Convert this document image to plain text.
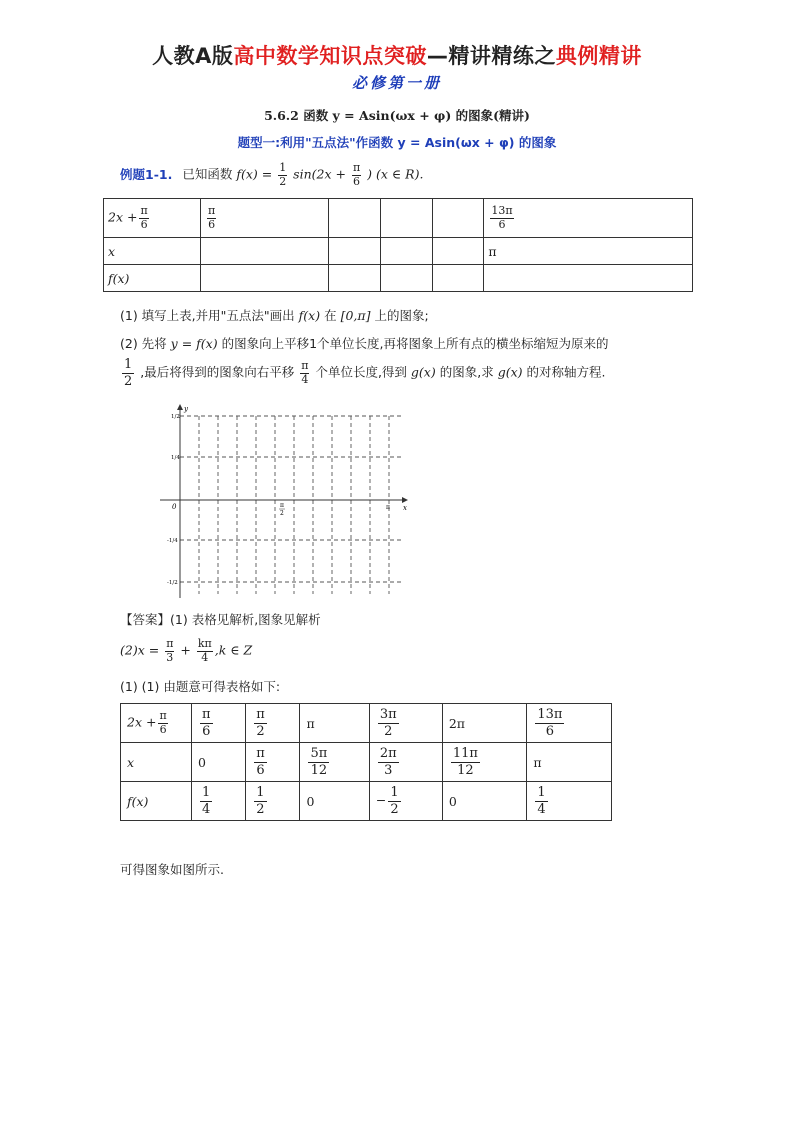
人教A版高中数学知识点突破—精讲精练之典例精讲
必修第一册
5.6.2 函数 y = Asin(ωx + φ) 的图象(精讲)
题型一:利用"五点法"作函数 y = Asin(ωx + φ) 的图象
例题1-1. 已知函数 $f(x) = \frac{1}{2} \sin(2x + \frac{\pi}{6}$ ) (x ∈ R).
$2x + \frac{\pi}{6}$	$\frac{\pi}{6}$				$\frac{13\pi}{6}$

x					π
f(x)					
(1) 填写上表,并用"五点法"画出 f(x) 在 [0,π] 上的图象;
(2) 先将 y = f(x) 的图象向上平移1个单位长度,再将图象上所有点的横坐标缩短为原来的
$\frac{1}{2}$ ,最后将得到的图象向右平移 $\frac{\pi}{4}$ 个单位长度,得到 g(x) 的图象,求 g(x) 的对称轴方程.
y
x
0	π
2
π
1/2
1/4
-1/4
-1/2
【答案】(1) 表格见解析,图象见解析
$(2)x = \frac{\pi}{3} + \frac{k\pi}{4} ,k$ ∈ Z
(1) (1) 由题意可得表格如下:
$2x + \frac{\pi}{6}$	$\frac{\pi}{6}$	$\frac{\pi}{2}$	π	$\frac{3\pi}{2}$	2π	$\frac{13\pi}{6}$

x	0	$\frac{\pi}{6}$	$\frac{5\pi}{12}$	$\frac{2\pi}{3}$	$\frac{11\pi}{12}$	π
f(x)	$\frac{1}{4}$	$\frac{1}{2}$	0	− $\frac{1}{2}$	0	$\frac{1}{4}$
可得图象如图所示.
